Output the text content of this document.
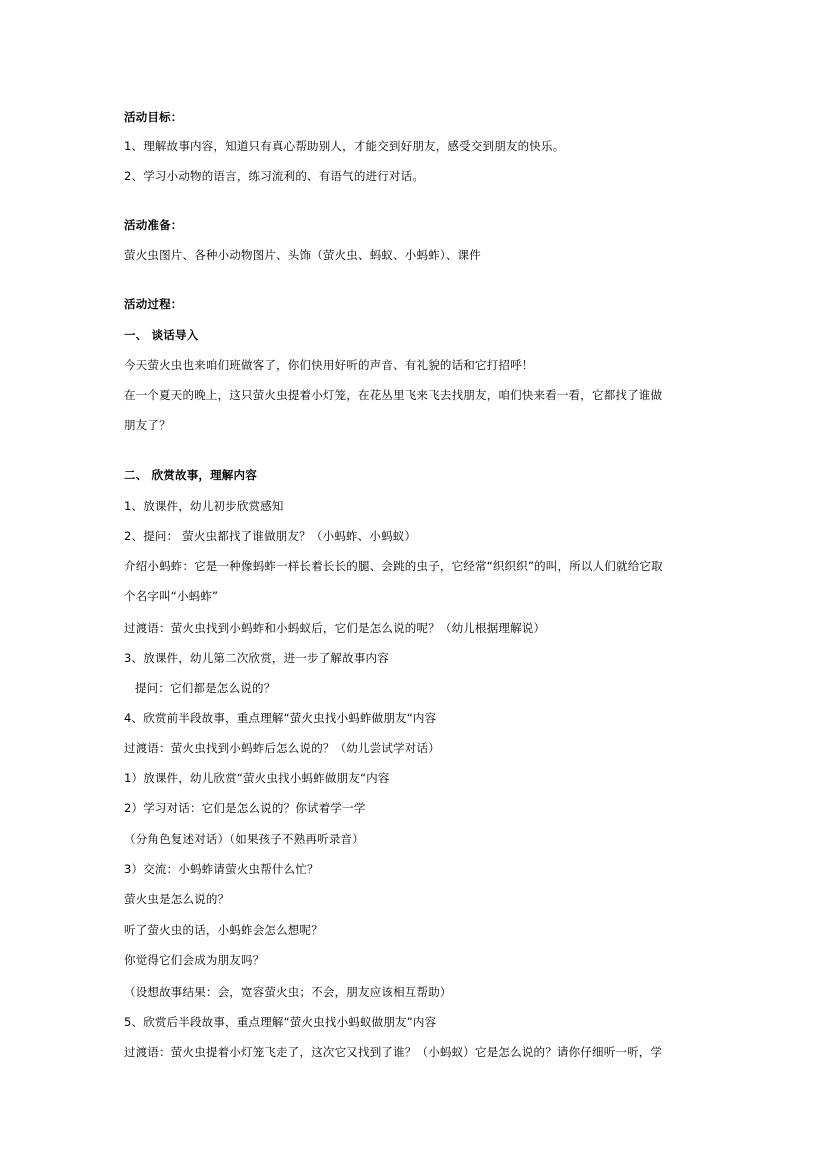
活动目标：
1、理解故事内容，知道只有真心帮助别人，才能交到好朋友，感受交到朋友的快乐。
2、学习小动物的语言，练习流利的、有语气的进行对话。
活动准备：
萤火虫图片、各种小动物图片、头饰（萤火虫、蚂蚁、小蚂蚱）、课件
活动过程：
一、 谈话导入
今天萤火虫也来咱们班做客了，你们快用好听的声音、有礼貌的话和它打招呼！
在一个夏天的晚上，这只萤火虫提着小灯笼，在花丛里飞来飞去找朋友，咱们快来看一看，它都找了谁做
朋友了？
二、 欣赏故事，理解内容
1、放课件，幼儿初步欣赏感知
2、提问： 萤火虫都找了谁做朋友？（小蚂蚱、小蚂蚁）
介绍小蚂蚱：它是一种像蚂蚱一样长着长长的腿、会跳的虫子，它经常“织织织”的叫，所以人们就给它取
个名字叫“小蚂蚱”
过渡语：萤火虫找到小蚂蚱和小蚂蚁后，它们是怎么说的呢？（幼儿根据理解说）
3、放课件，幼儿第二次欣赏，进一步了解故事内容
提问：它们都是怎么说的？
4、欣赏前半段故事，重点理解“萤火虫找小蚂蚱做朋友“内容
过渡语：萤火虫找到小蚂蚱后怎么说的？（幼儿尝试学对话）
1）放课件，幼儿欣赏“萤火虫找小蚂蚱做朋友“内容
2）学习对话：它们是怎么说的？你试着学一学
（分角色复述对话）（如果孩子不熟再听录音）
3）交流：小蚂蚱请萤火虫帮什么忙？
萤火虫是怎么说的？
听了萤火虫的话，小蚂蚱会怎么想呢？
你觉得它们会成为朋友吗？
（设想故事结果：会，宽容萤火虫；不会，朋友应该相互帮助）
5、欣赏后半段故事，重点理解“萤火虫找小蚂蚁做朋友”内容
过渡语：萤火虫提着小灯笼飞走了，这次它又找到了谁？（小蚂蚁）它是怎么说的？请你仔细听一听，学
